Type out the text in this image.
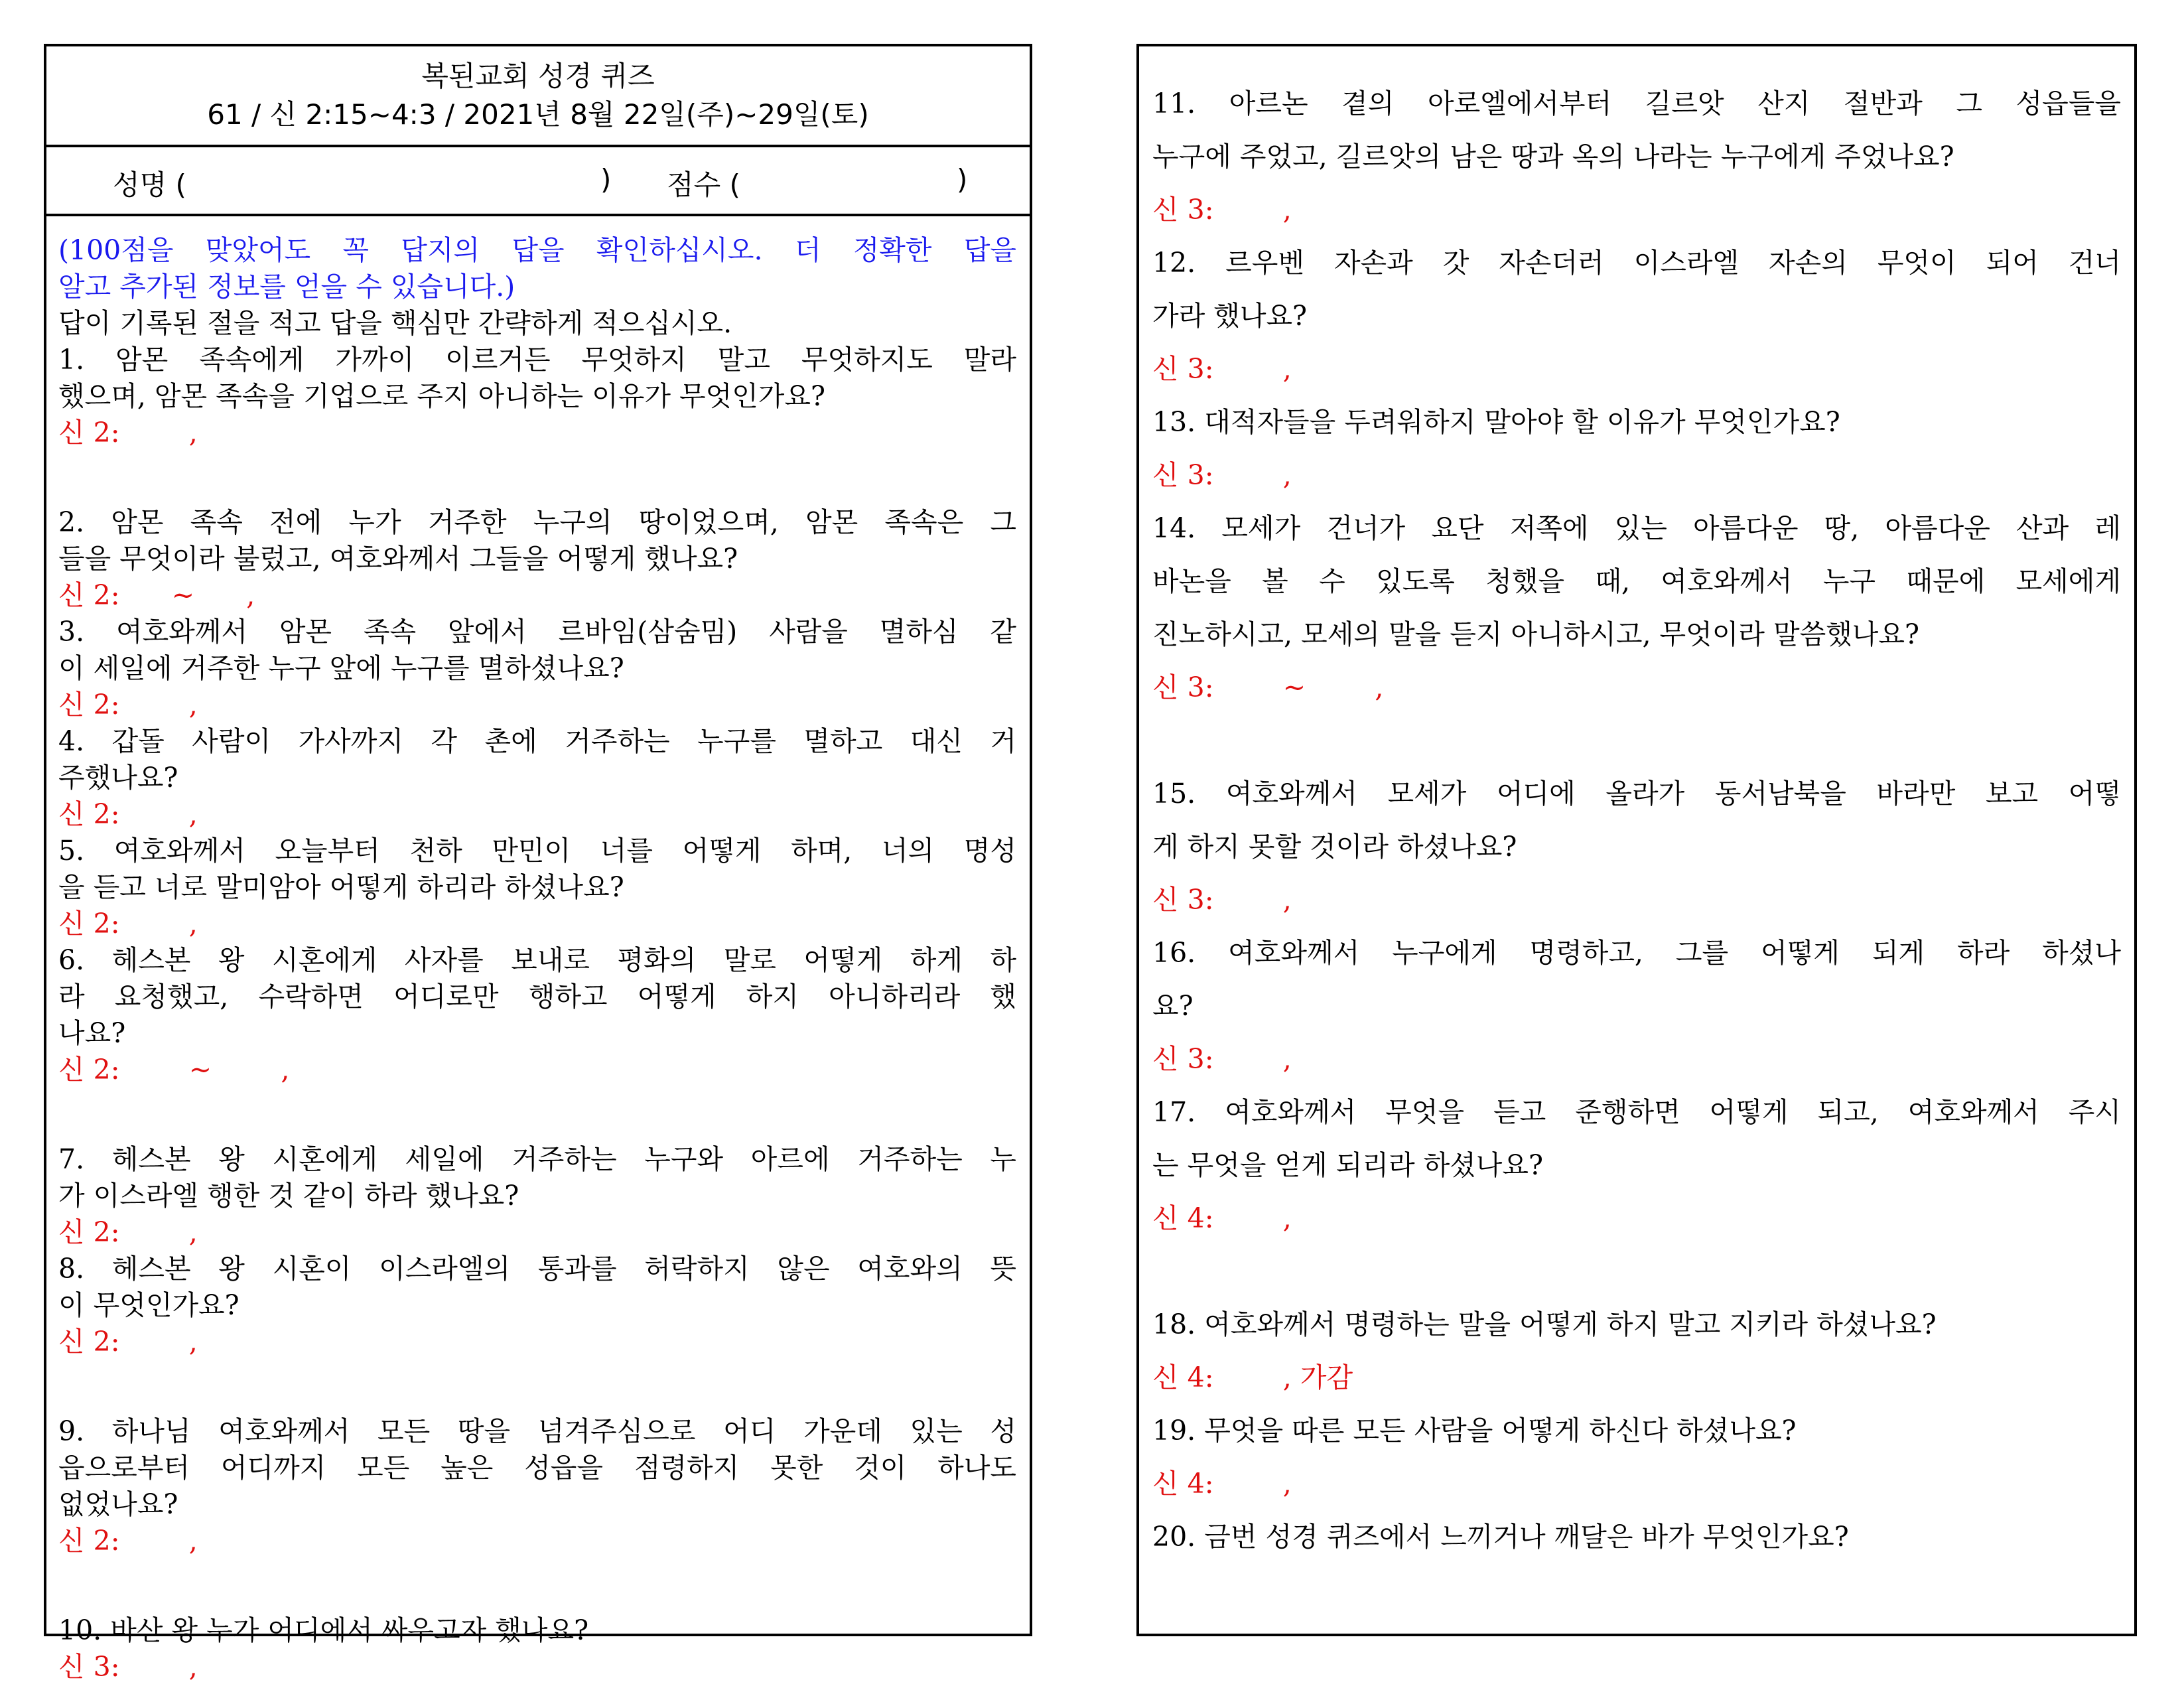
복된교회 성경 퀴즈
61 / 신 2:15~4:3 / 2021년 8월 22일(주)~29일(토)
성명 (	) 점수 (	)
(100점을 맞았어도 꼭 답지의 답을 확인하십시오. 더 정확한 답을
알고 추가된 정보를 얻을 수 있습니다.)
답이 기록된 절을 적고 답을 핵심만 간략하게 적으십시오.
1. 암몬 족속에게 가까이 이르거든 무엇하지 말고 무엇하지도 말라
했으며, 암몬 족속을 기업으로 주지 아니하는 이유가 무엇인가요?
신 2:        ,
2. 암몬 족속 전에 누가 거주한 누구의 땅이었으며, 암몬 족속은 그
들을 무엇이라 불렀고, 여호와께서 그들을 어떻게 했나요?
신 2:      ~      ,
3. 여호와께서 암몬 족속 앞에서 르바임(삼숨밈) 사람을 멸하심 같
이 세일에 거주한 누구 앞에 누구를 멸하셨나요?
신 2:        ,
4. 갑돌 사람이 가사까지 각 촌에 거주하는 누구를 멸하고 대신 거
주했나요?
신 2:        ,
5. 여호와께서 오늘부터 천하 만민이 너를 어떻게 하며, 너의 명성
을 듣고 너로 말미암아 어떻게 하리라 하셨나요?
신 2:        ,
6. 헤스본 왕 시혼에게 사자를 보내로 평화의 말로 어떻게 하게 하
라 요청했고, 수락하면 어디로만 행하고 어떻게 하지 아니하리라 했
나요?
신 2:        ~        ,
7. 헤스본 왕 시혼에게 세일에 거주하는 누구와 아르에 거주하는 누
가 이스라엘 행한 것 같이 하라 했나요?
신 2:        ,
8. 헤스본 왕 시혼이 이스라엘의 통과를 허락하지 않은 여호와의 뜻
이 무엇인가요?
신 2:        ,
9. 하나님 여호와께서 모든 땅을 넘겨주심으로 어디 가운데 있는 성
읍으로부터 어디까지 모든 높은 성읍을 점령하지 못한 것이 하나도
없었나요?
신 2:        ,
10. 바산 왕 누가 어디에서 싸우고자 했나요?
신 3:        ,
11. 아르논 곁의 아로엘에서부터 길르앗 산지 절반과 그 성읍들을
누구에 주었고, 길르앗의 남은 땅과 옥의 나라는 누구에게 주었나요?
신 3:        ,
12. 르우벤 자손과 갓 자손더러 이스라엘 자손의 무엇이 되어 건너
가라 했나요?
신 3:        ,
13. 대적자들을 두려워하지 말아야 할 이유가 무엇인가요?
신 3:        ,
14. 모세가 건너가 요단 저쪽에 있는 아름다운 땅, 아름다운 산과 레
바논을 볼 수 있도록 청했을 때, 여호와께서 누구 때문에 모세에게
진노하시고, 모세의 말을 듣지 아니하시고, 무엇이라 말씀했나요?
신 3:        ~        ,
15. 여호와께서 모세가 어디에 올라가 동서남북을 바라만 보고 어떻
게 하지 못할 것이라 하셨나요?
신 3:        ,
16. 여호와께서 누구에게 명령하고, 그를 어떻게 되게 하라 하셨나
요?
신 3:        ,
17. 여호와께서 무엇을 듣고 준행하면 어떻게 되고, 여호와께서 주시
는 무엇을 얻게 되리라 하셨나요?
신 4:        ,
18. 여호와께서 명령하는 말을 어떻게 하지 말고 지키라 하셨나요?
신 4:        , 가감
19. 무엇을 따른 모든 사람을 어떻게 하신다 하셨나요?
신 4:        ,
20. 금번 성경 퀴즈에서 느끼거나 깨달은 바가 무엇인가요?
